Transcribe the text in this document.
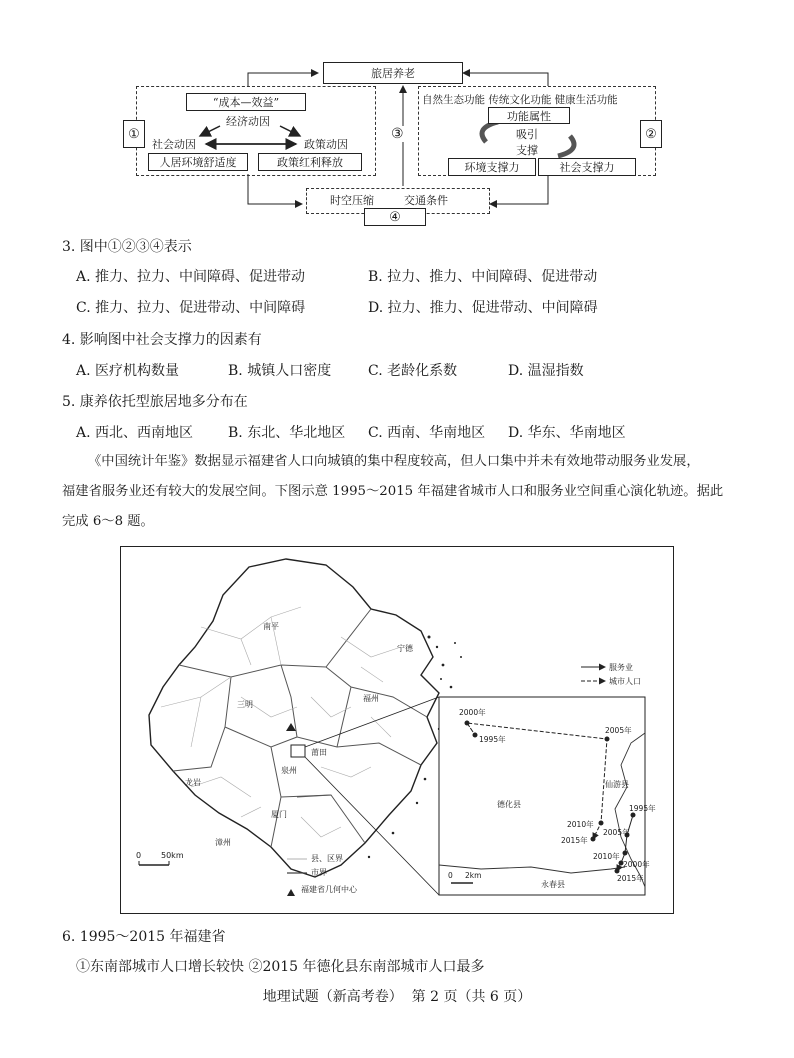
旅居养老
①
“成本—效益”
经济动因
社会动因	政策动因
人居环境舒适度	政策红利释放
③	②
自然生态功能 传统文化功能 健康生活功能
功能属性
吸引
支撑
环境支撑力	社会支撑力
时空压缩	交通条件
④
3. 图中①②③④表示
A. 推力、拉力、中间障碍、促进带动	B. 拉力、推力、中间障碍、促进带动
C. 推力、拉力、促进带动、中间障碍	D. 拉力、推力、促进带动、中间障碍
4. 影响图中社会支撑力的因素有
A. 医疗机构数量	B. 城镇人口密度	C. 老龄化系数	D. 温湿指数
5. 康养依托型旅居地多分布在
A. 西北、西南地区 B. 东北、华北地区 C. 西南、华南地区 D. 华东、华南地区
《中国统计年鉴》数据显示福建省人口向城镇的集中程度较高，但人口集中并未有效地带动服务业发展，
福建省服务业还有较大的发展空间。下图示意 1995～2015 年福建省城市人口和服务业空间重心演化轨迹。据此
完成 6～8 题。
南平
宁德
三明
福州
龙岩
莆田
泉州
厦门
漳州
0 50km	县、区界
市界
福建省几何中心
服务业
城市人口
德化县
仙游县
永春县
2000年
1995年
2005年
2010年
2015年
1995年
2005年
2010年
2000年
2015年
0 2km
6. 1995～2015 年福建省
①东南部城市人口增长较快 ②2015 年德化县东南部城市人口最多
地理试题（新高考卷）  第 2 页（共 6 页）
